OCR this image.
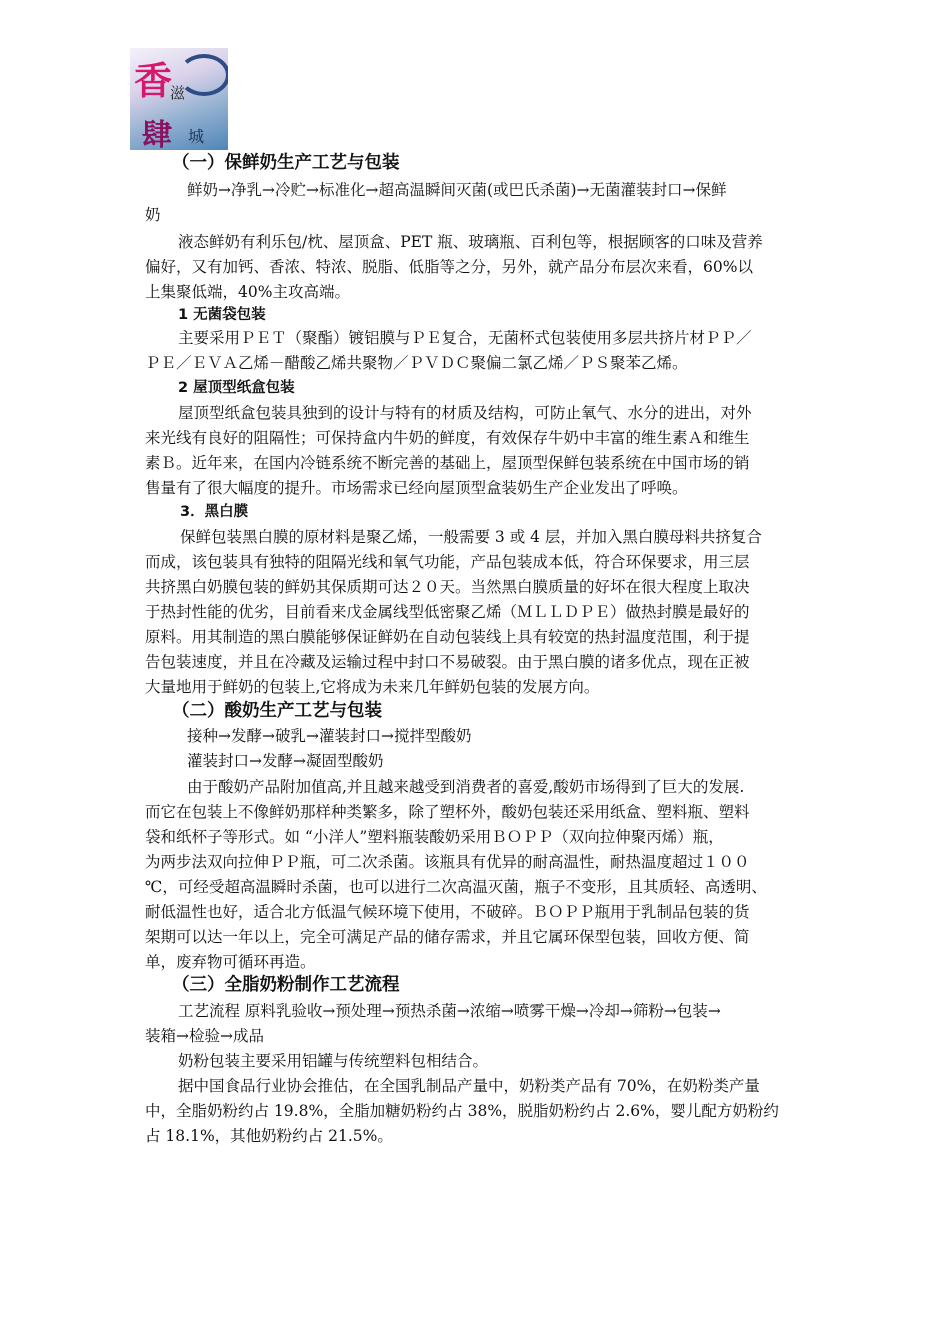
香
滋
肆 城
（一）保鲜奶生产工艺与包装
鲜奶→净乳→冷贮→标准化→超高温瞬间灭菌(或巴氏杀菌)→无菌灌装封口→保鲜
奶
液态鲜奶有利乐包/枕、屋顶盒、PET 瓶、玻璃瓶、百利包等，根据顾客的口味及营养
偏好，又有加钙、香浓、特浓、脱脂、低脂等之分，另外，就产品分布层次来看，60%以
上集聚低端，40%主攻高端。
1 无菌袋包装
主要采用ＰＥＴ（聚酯）镀铝膜与ＰＥ复合，无菌杯式包装使用多层共挤片材ＰＰ／
ＰＥ／ＥＶＡ乙烯－醋酸乙烯共聚物／ＰＶＤＣ聚偏二氯乙烯／ＰＳ聚苯乙烯。
2 屋顶型纸盒包装
屋顶型纸盒包装具独到的设计与特有的材质及结构，可防止氧气、水分的进出，对外
来光线有良好的阻隔性；可保持盒内牛奶的鲜度，有效保存牛奶中丰富的维生素Ａ和维生
素Ｂ。近年来，在国内冷链系统不断完善的基础上，屋顶型保鲜包装系统在中国市场的销
售量有了很大幅度的提升。市场需求已经向屋顶型盒装奶生产企业发出了呼唤。
3．黑白膜
保鲜包装黑白膜的原材料是聚乙烯，一般需要 3 或 4 层，并加入黑白膜母料共挤复合
而成，该包装具有独特的阻隔光线和氧气功能，产品包装成本低，符合环保要求，用三层
共挤黑白奶膜包装的鲜奶其保质期可达２０天。当然黑白膜质量的好坏在很大程度上取决
于热封性能的优劣，目前看来戊金属线型低密聚乙烯（ＭＬＬＤＰＥ）做热封膜是最好的
原料。用其制造的黑白膜能够保证鲜奶在自动包装线上具有较宽的热封温度范围，利于提
告包装速度，并且在冷藏及运输过程中封口不易破裂。由于黑白膜的诸多优点，现在正被
大量地用于鲜奶的包装上,它将成为未来几年鲜奶包装的发展方向。
（二）酸奶生产工艺与包装
接种→发酵→破乳→灌装封口→搅拌型酸奶
灌装封口→发酵→凝固型酸奶
由于酸奶产品附加值高,并且越来越受到消费者的喜爱,酸奶市场得到了巨大的发展.
而它在包装上不像鲜奶那样种类繁多，除了塑杯外，酸奶包装还采用纸盒、塑料瓶、塑料
袋和纸杯子等形式。如 “小洋人”塑料瓶装酸奶采用ＢＯＰＰ（双向拉伸聚丙烯）瓶，
为两步法双向拉伸ＰＰ瓶，可二次杀菌。该瓶具有优异的耐高温性，耐热温度超过１００
℃，可经受超高温瞬时杀菌，也可以进行二次高温灭菌，瓶子不变形，且其质轻、高透明、
耐低温性也好，适合北方低温气候环境下使用，不破碎。ＢＯＰＰ瓶用于乳制品包装的货
架期可以达一年以上，完全可满足产品的储存需求，并且它属环保型包装，回收方便、简
单，废弃物可循环再造。
（三）全脂奶粉制作工艺流程
工艺流程 原料乳验收→预处理→预热杀菌→浓缩→喷雾干燥→冷却→筛粉→包装→
装箱→检验→成品
奶粉包装主要采用铝罐与传统塑料包相结合。
据中国食品行业协会推估，在全国乳制品产量中，奶粉类产品有 70%，在奶粉类产量
中，全脂奶粉约占 19.8%，全脂加糖奶粉约占 38%，脱脂奶粉约占 2.6%，婴儿配方奶粉约
占 18.1%，其他奶粉约占 21.5%。
